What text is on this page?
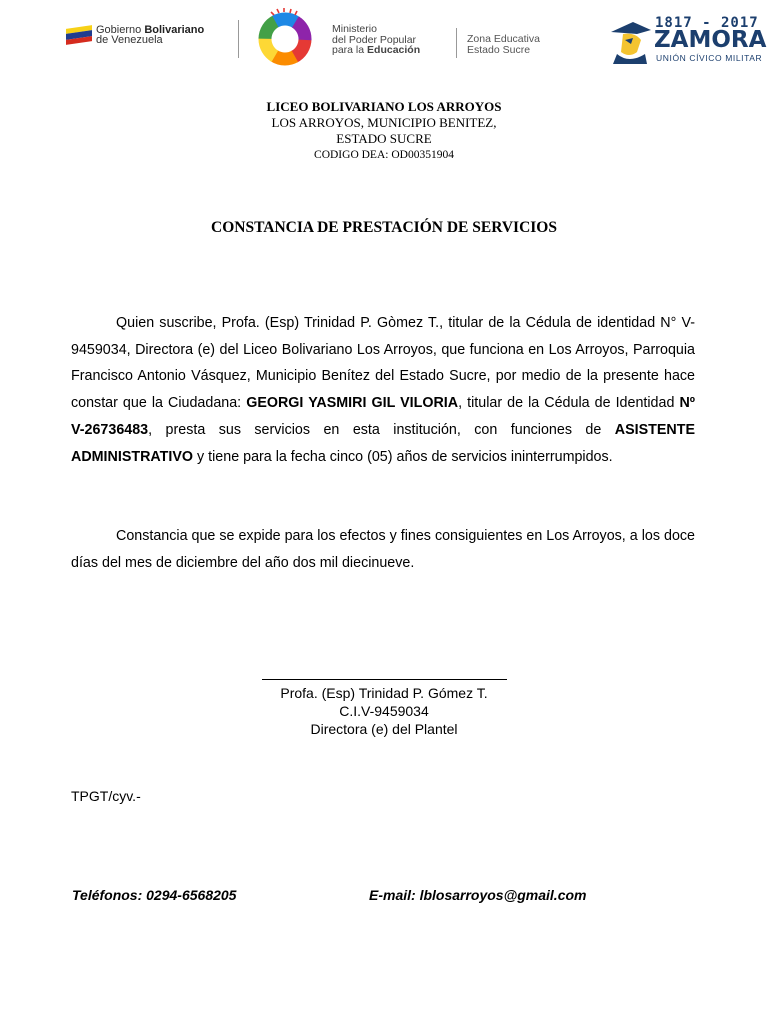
Gobierno Bolivariano
de Venezuela
Ministerio
del Poder Popular
para la Educación
Zona Educativa
Estado Sucre
1817 - 2017
ZAMORA
UNIÓN CÍVICO MILITAR
LICEO BOLIVARIANO LOS ARROYOS
LOS ARROYOS, MUNICIPIO BENITEZ,
ESTADO SUCRE
CODIGO DEA: OD00351904
CONSTANCIA DE PRESTACIÓN DE SERVICIOS

Quien suscribe, Profa. (Esp) Trinidad P. Gòmez T., titular de la Cédula de identidad N° V-9459034, Directora (e) del Liceo Bolivariano Los Arroyos, que funciona en Los Arroyos, Parroquia Francisco Antonio Vásquez, Municipio Benítez del Estado Sucre, por medio de la presente hace constar que la Ciudadana: GEORGI YASMIRI GIL VILORIA, titular de la Cédula de Identidad Nº V-26736483, presta sus servicios en esta institución, con funciones de ASISTENTE ADMINISTRATIVO y tiene para la fecha cinco (05) años de servicios ininterrumpidos.

Constancia que se expide para los efectos y fines consiguientes en Los Arroyos, a los doce días del mes de diciembre del año dos mil diecinueve.

Profa. (Esp) Trinidad P. Gómez T.
C.I.V-9459034
Directora (e) del Plantel
TPGT/cyv.-
Teléfonos: 0294-6568205	E-mail: lblosarroyos@gmail.com
